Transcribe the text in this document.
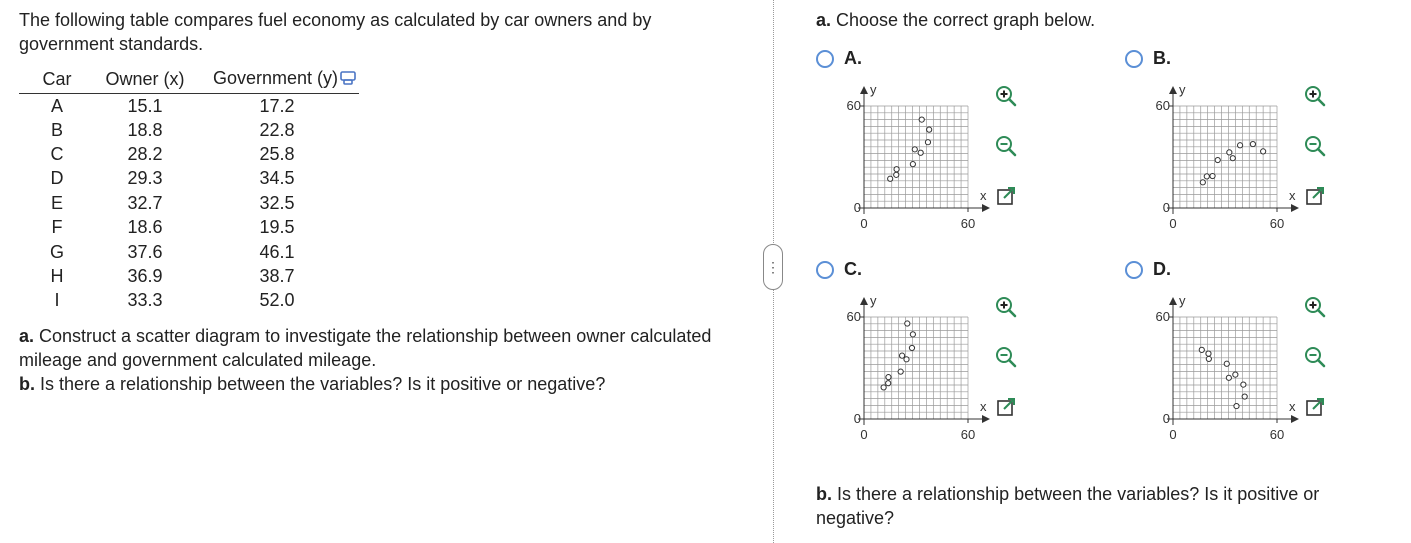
The following table compares fuel economy as calculated by car owners and by government standards.

Car	Owner (x)	Government (y)
A	15.1	17.2
B	18.8	22.8
C	28.2	25.8
D	29.3	34.5
E	32.7	32.5
F	18.6	19.5
G	37.6	46.1
H	36.9	38.7
I	33.3	52.0

a. Construct a scatter diagram to investigate the relationship between owner calculated mileage and government calculated mileage.

b. Is there a relationship between the variables? Is it positive or negative?

⋮

a. Choose the correct graph below.

A.
y
x
60
0
0	60
B.
y
x
60
0
0	60
C.
y
x
60
0
0	60
D.
y
x
60
0
0	60

b. Is there a relationship between the variables? Is it positive or negative?
